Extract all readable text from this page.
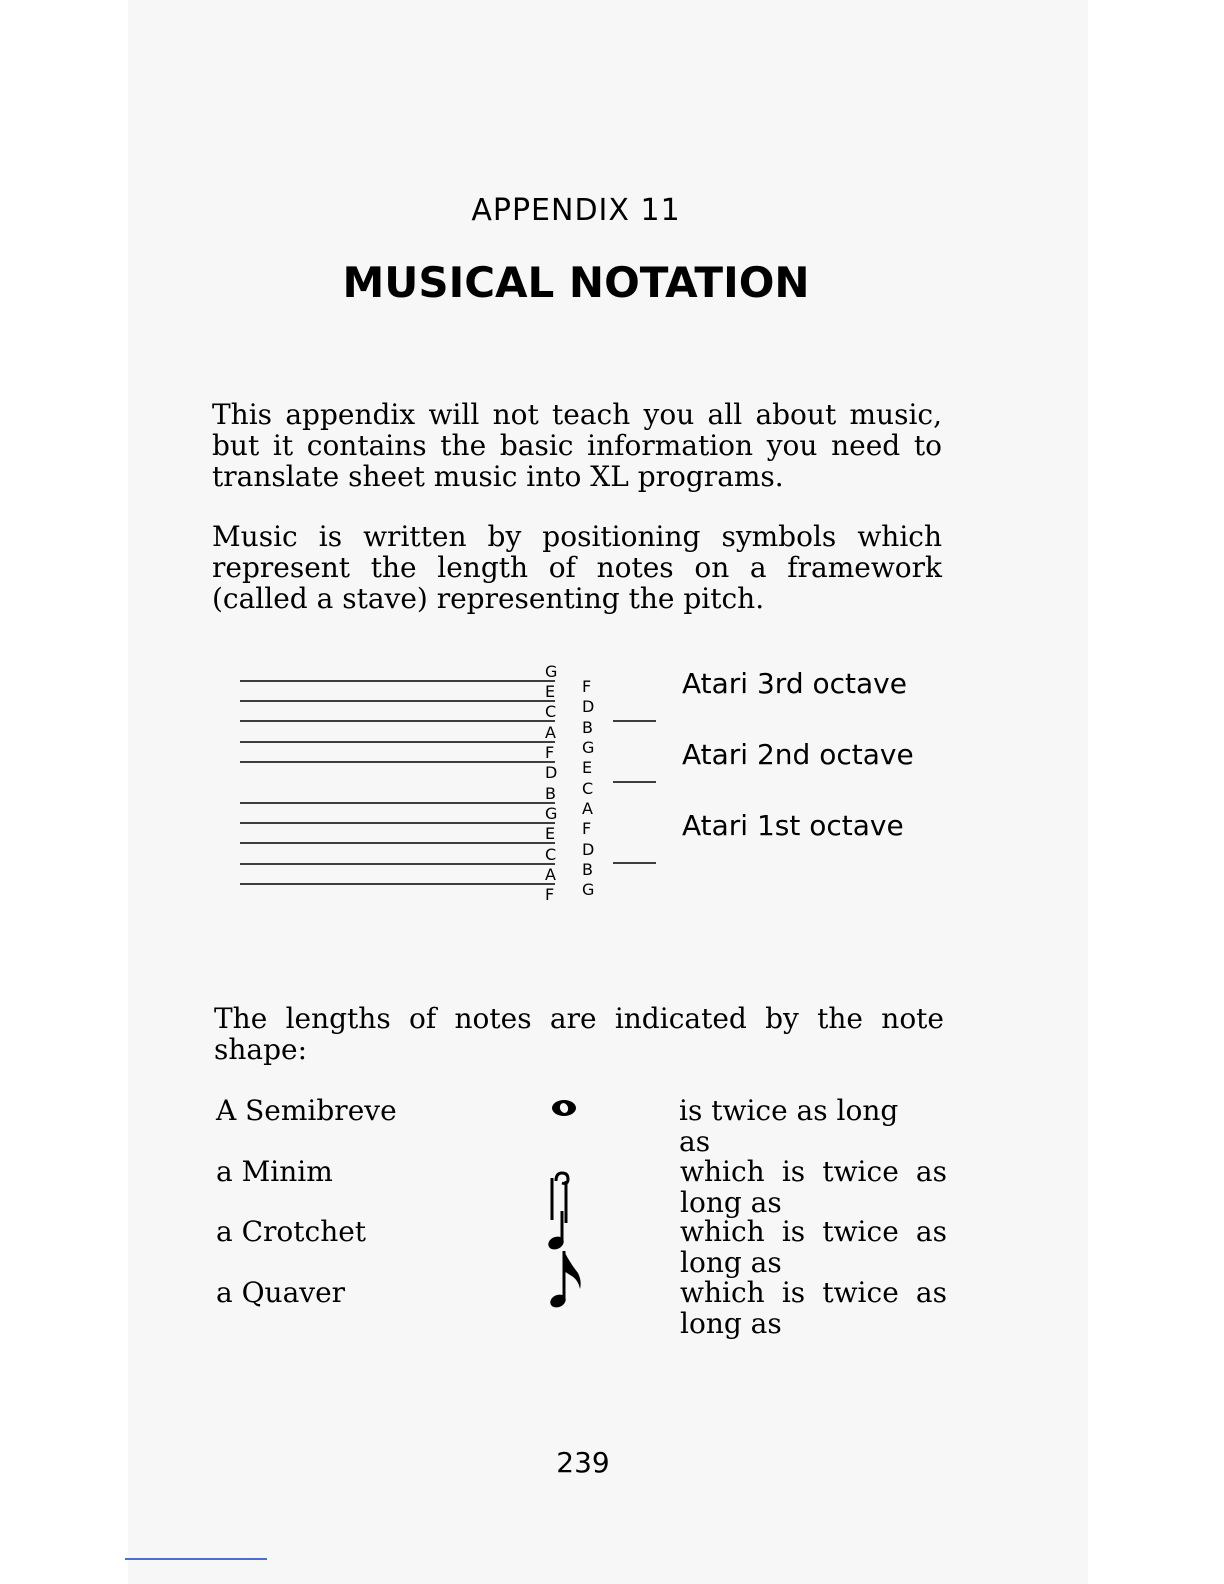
APPENDIX 11
MUSICAL NOTATION

This appendix will not teach you all about music,

but it contains the basic information you need to

translate sheet music into XL programs.

Music is written by positioning symbols which

represent the length of notes on a framework

(called a stave) representing the pitch.

G
E
C
A
F
D
B
G
E
C
A
F
F
D
B
G
E
C
A
F
D
B
G
Atari 3rd octave
Atari 2nd octave
Atari 1st octave

The lengths of notes are indicated by the note

shape:

A Semibreve
a Minim
a Crotchet
a Quaver
is twice as long as
which is twice as
long as
which is twice as
long as
which is twice as
long as
239
